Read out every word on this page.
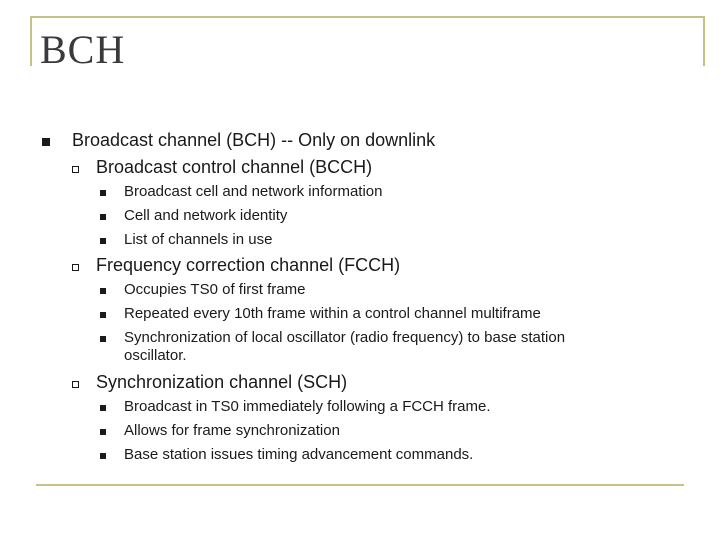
BCH
Broadcast channel (BCH) -- Only on downlink
Broadcast control channel (BCCH)
Broadcast cell and network information
Cell and network identity
List of channels in use
Frequency correction channel (FCCH)
Occupies TS0 of first frame
Repeated every 10th frame within a control channel multiframe
Synchronization of local oscillator (radio frequency) to base station
oscillator.
Synchronization channel (SCH)
Broadcast in TS0 immediately following a FCCH frame.
Allows for frame synchronization
Base station issues timing advancement commands.
